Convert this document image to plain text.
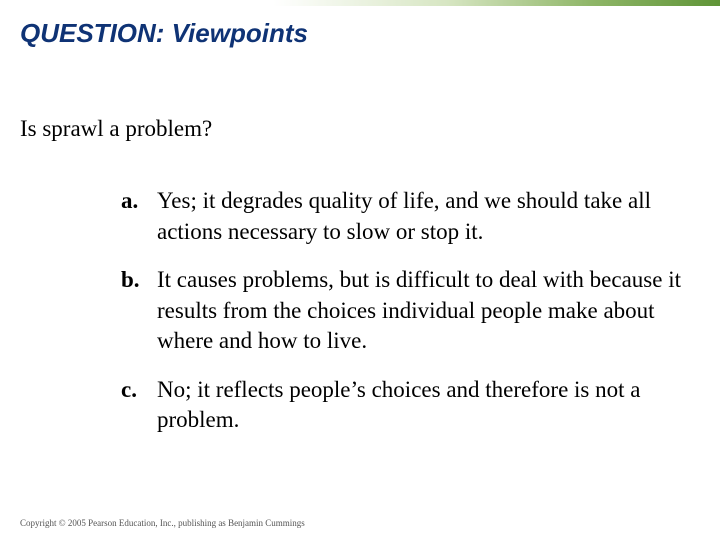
QUESTION: Viewpoints

Is sprawl a problem?

a. Yes; it degrades quality of life, and we should take all actions necessary to slow or stop it.
b. It causes problems, but is difficult to deal with because it results from the choices individual people make about where and how to live.
c. No; it reflects people’s choices and therefore is not a problem.

Copyright © 2005 Pearson Education, Inc., publishing as Benjamin Cummings
